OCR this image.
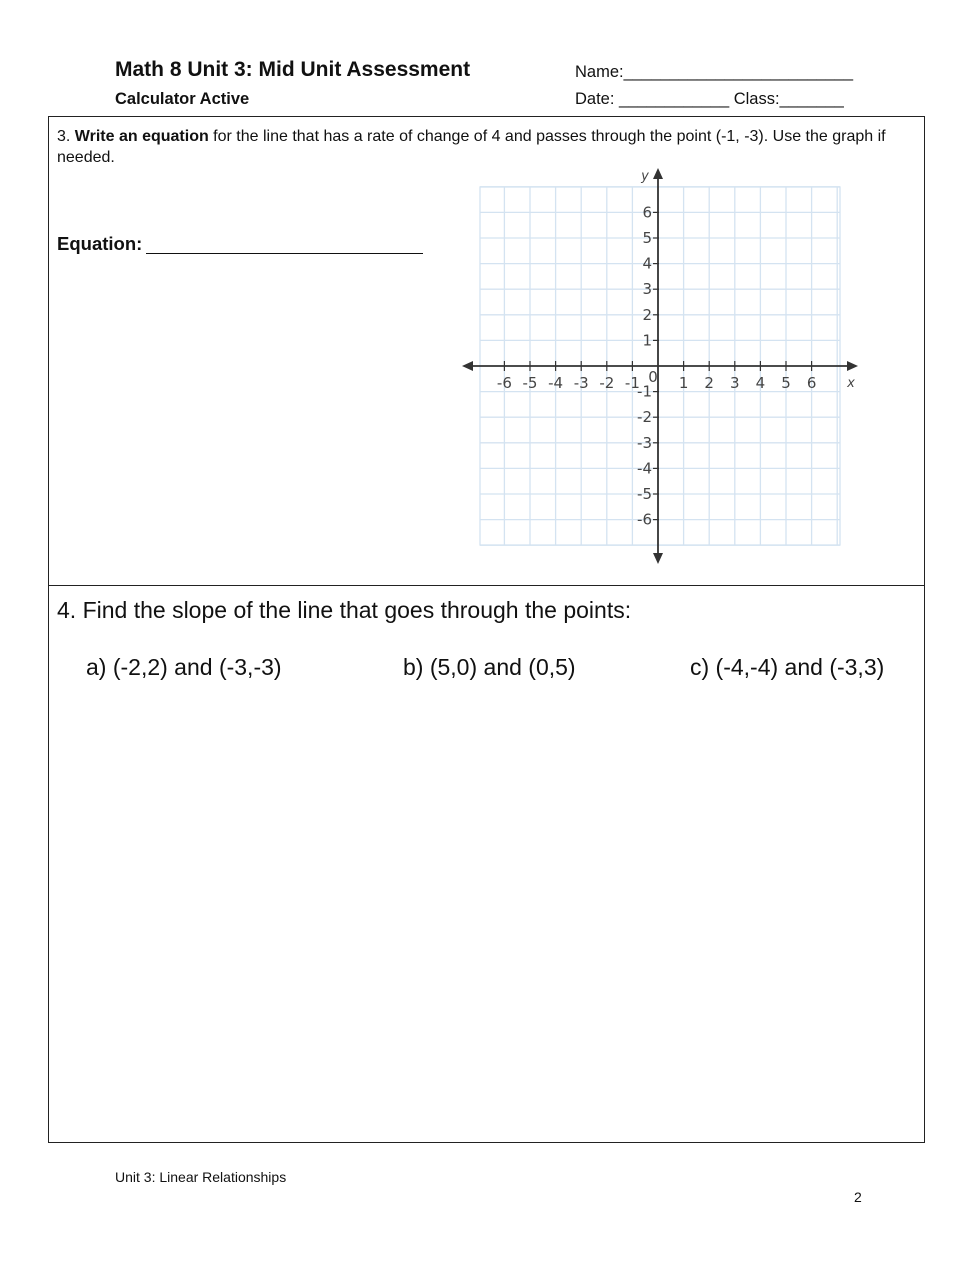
Math 8 Unit 3: Mid Unit Assessment
Calculator Active
Name:_________________________
Date: ____________ Class:_______
3. Write an equation for the line that has a rate of change of 4 and passes through the point (-1, -3). Use the graph if needed.
Equation:
-6 -5 -4 -3 -2 -1	1 2 3 4 5 6
6
5
4
3
2
1
-1
-2
-3
-4
-5
-6
0	x
y
4. Find the slope of the line that goes through the points:
a) (-2,2) and (-3,-3)	b) (5,0) and (0,5)	c) (-4,-4) and (-3,3)
Unit 3: Linear Relationships
2
